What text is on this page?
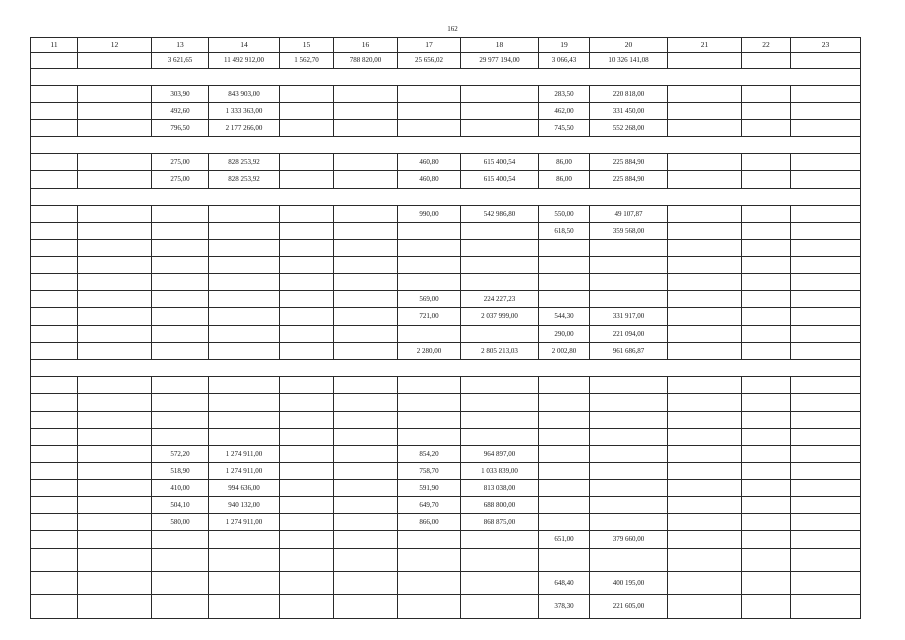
162
11	12	13	14	15	16	17	18	19	20	21	22	23
		3 621,65	11 492 912,00	1 562,70	788 820,00	25 656,02	29 977 194,00	3 066,43	10 326 141,08			

		303,90	843 903,00					283,50	220 818,00			
		492,60	1 333 363,00					462,00	331 450,00			
		796,50	2 177 266,00					745,50	552 268,00			

		275,00	828 253,92			460,80	615 400,54	86,00	225 884,90			
		275,00	828 253,92			460,80	615 400,54	86,00	225 884,90			

						990,00	542 986,80	550,00	49 107,87			
								618,50	359 568,00			

						569,00	224 227,23					
						721,00	2 037 999,00	544,30	331 917,00			
								290,00	221 094,00			
						2 280,00	2 805 213,03	2 002,80	961 686,87			

		572,20	1 274 911,00			854,20	964 897,00					
		518,90	1 274 911,00			758,70	1 033 839,00					
		410,00	994 636,00			591,90	813 038,00					
		504,10	940 132,00			649,70	688 800,00					
		580,00	1 274 911,00			866,00	868 875,00					
								651,00	379 660,00			

								648,40	400 195,00			
								378,30	221 605,00			
